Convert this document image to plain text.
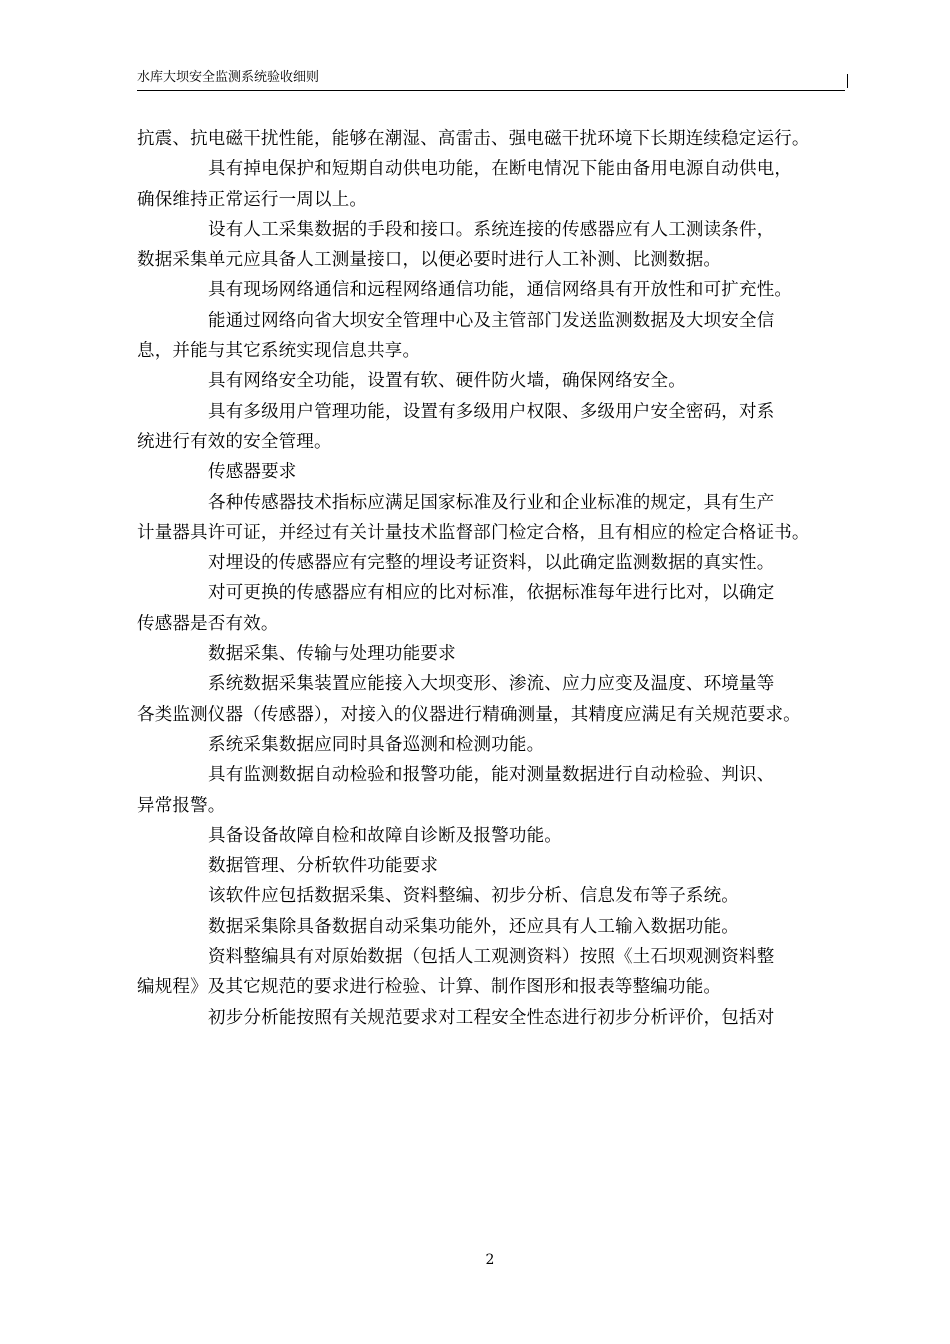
水库大坝安全监测系统验收细则
抗震、抗电磁干扰性能，能够在潮湿、高雷击、强电磁干扰环境下长期连续稳定运行。
具有掉电保护和短期自动供电功能，在断电情况下能由备用电源自动供电，
确保维持正常运行一周以上。
设有人工采集数据的手段和接口。系统连接的传感器应有人工测读条件，
数据采集单元应具备人工测量接口，以便必要时进行人工补测、比测数据。
具有现场网络通信和远程网络通信功能，通信网络具有开放性和可扩充性。
能通过网络向省大坝安全管理中心及主管部门发送监测数据及大坝安全信
息，并能与其它系统实现信息共享。
具有网络安全功能，设置有软、硬件防火墙，确保网络安全。
具有多级用户管理功能，设置有多级用户权限、多级用户安全密码，对系
统进行有效的安全管理。
传感器要求
各种传感器技术指标应满足国家标准及行业和企业标准的规定，具有生产
计量器具许可证，并经过有关计量技术监督部门检定合格，且有相应的检定合格证书。
对埋设的传感器应有完整的埋设考证资料，以此确定监测数据的真实性。
对可更换的传感器应有相应的比对标准，依据标准每年进行比对，以确定
传感器是否有效。
数据采集、传输与处理功能要求
系统数据采集装置应能接入大坝变形、渗流、应力应变及温度、环境量等
各类监测仪器（传感器），对接入的仪器进行精确测量，其精度应满足有关规范要求。
系统采集数据应同时具备巡测和检测功能。
具有监测数据自动检验和报警功能，能对测量数据进行自动检验、判识、
异常报警。
具备设备故障自检和故障自诊断及报警功能。
数据管理、分析软件功能要求
该软件应包括数据采集、资料整编、初步分析、信息发布等子系统。
数据采集除具备数据自动采集功能外，还应具有人工输入数据功能。
资料整编具有对原始数据（包括人工观测资料）按照《土石坝观测资料整
编规程》及其它规范的要求进行检验、计算、制作图形和报表等整编功能。
初步分析能按照有关规范要求对工程安全性态进行初步分析评价，包括对
2
